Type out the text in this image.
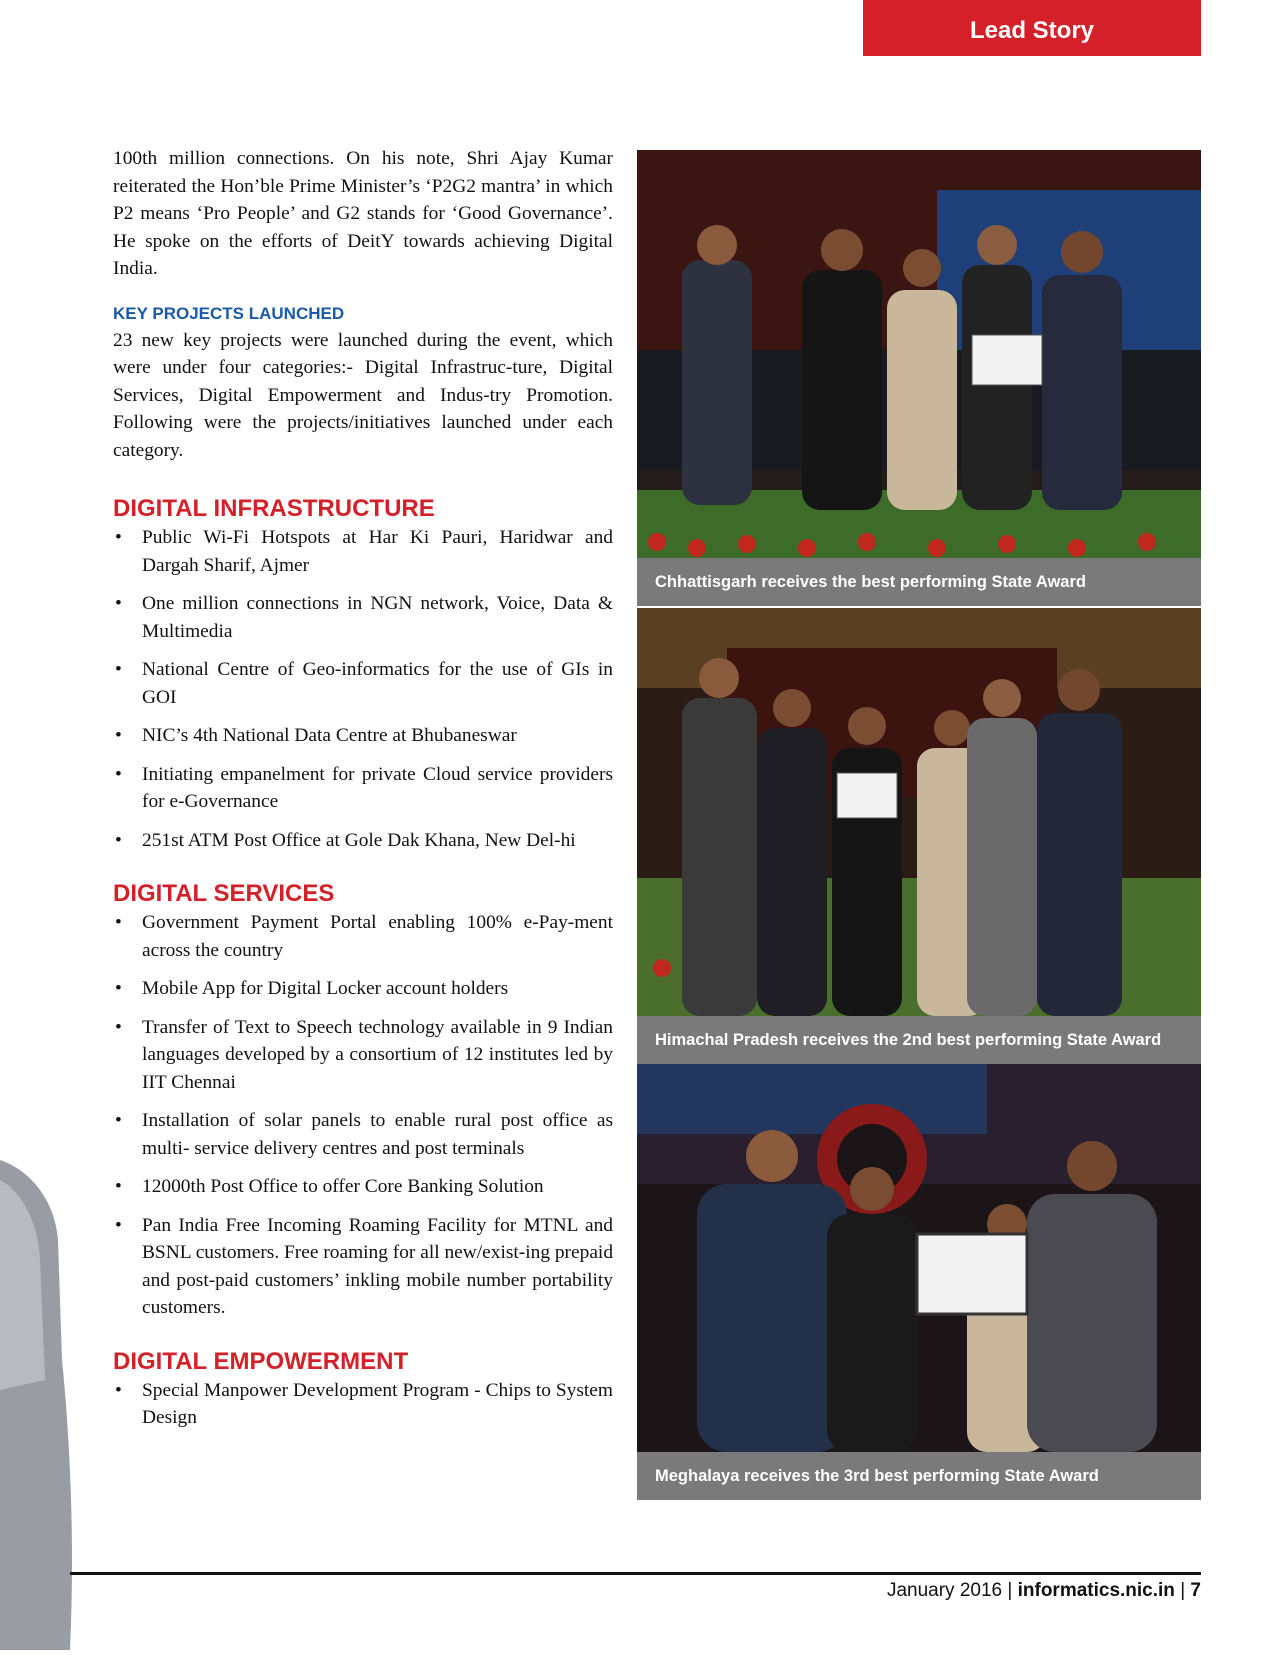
Lead Story

100th million connections. On his note, Shri Ajay Kumar reiterated the Hon’ble Prime Minister’s ‘P2G2 mantra’ in which P2 means ‘Pro People’ and G2 stands for ‘Good Governance’. He spoke on the efforts of DeitY towards achieving Digital India.

KEY PROJECTS LAUNCHED

23 new key projects were launched during the event, which were under four categories:- Digital Infrastruc-ture, Digital Services, Digital Empowerment and Indus-try Promotion. Following were the projects/initiatives launched under each category.

DIGITAL INFRASTRUCTURE
• Public Wi-Fi Hotspots at Har Ki Pauri, Haridwar and Dargah Sharif, Ajmer
• One million connections in NGN network, Voice, Data & Multimedia
• National Centre of Geo-informatics for the use of GIs in GOI
• NIC’s 4th National Data Centre at Bhubaneswar
• Initiating empanelment for private Cloud service providers for e-Governance
• 251st ATM Post Office at Gole Dak Khana, New Del-hi
DIGITAL SERVICES
• Government Payment Portal enabling 100% e-Pay-ment across the country
• Mobile App for Digital Locker account holders
• Transfer of Text to Speech technology available in 9 Indian languages developed by a consortium of 12 institutes led by IIT Chennai
• Installation of solar panels to enable rural post office as multi- service delivery centres and post terminals
• 12000th Post Office to offer Core Banking Solution
• Pan India Free Incoming Roaming Facility for MTNL and BSNL customers. Free roaming for all new/exist-ing prepaid and post-paid customers’ inkling mobile number portability customers.
DIGITAL EMPOWERMENT
• Special Manpower Development Program - Chips to System Design
Chhattisgarh receives the best performing State Award
Himachal Pradesh receives the 2nd best performing State Award
Meghalaya receives the 3rd best performing State Award
January 2016 | informatics.nic.in | 7
